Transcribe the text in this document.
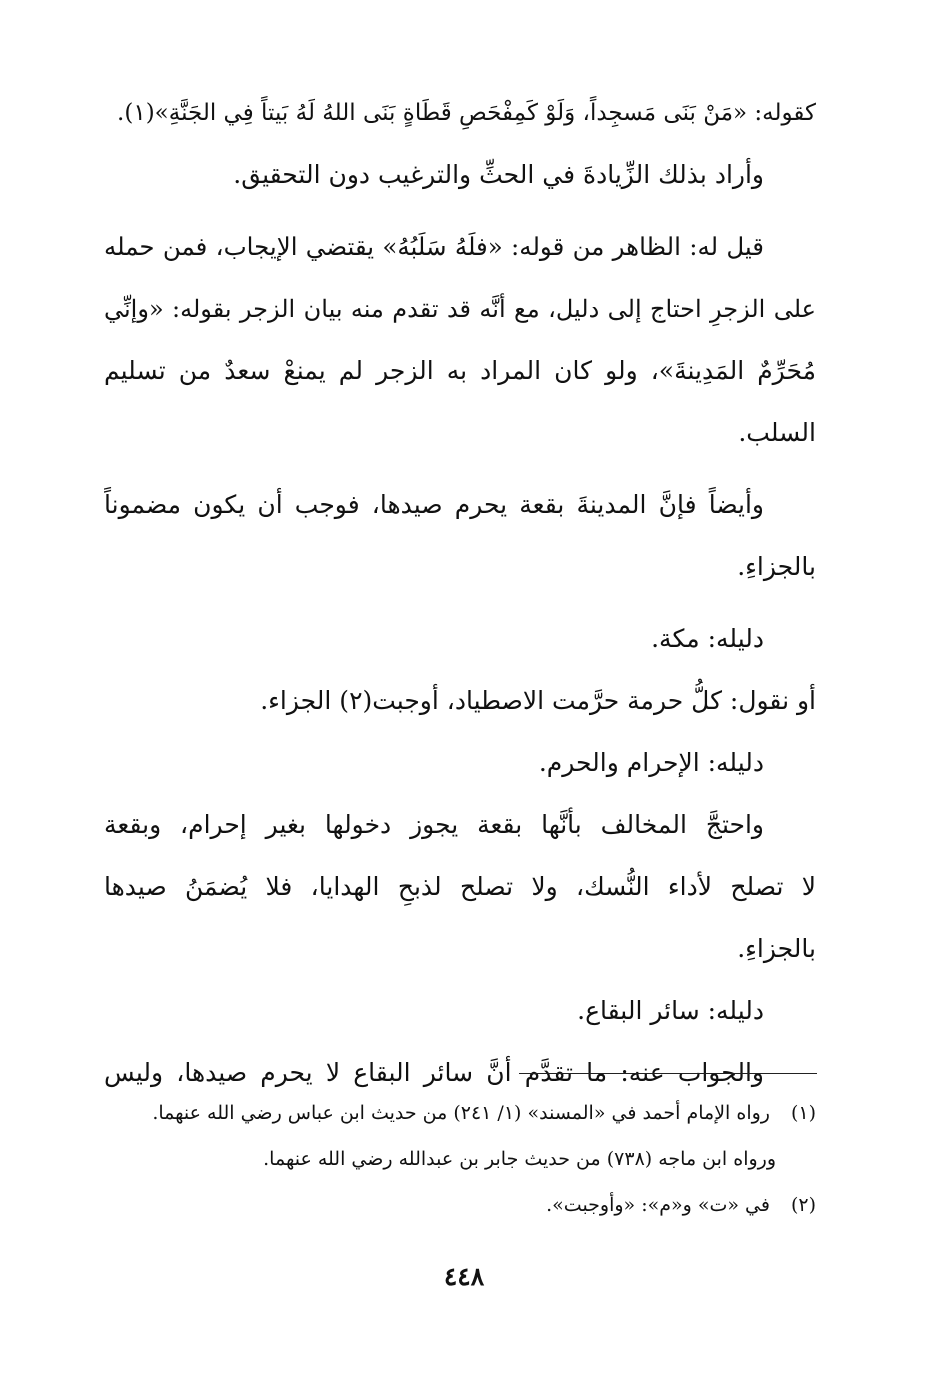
كقوله: «مَنْ بَنَى مَسجِداً، وَلَوْ كَمِفْحَصِ قَطَاةٍ بَنَى اللهُ لَهُ بَيتاً فِي الجَنَّةِ»(١).
وأراد بذلك الزِّيادةَ في الحثِّ والترغيب دون التحقيق.
قيل له: الظاهر من قوله: «فلَهُ سَلَبُهُ» يقتضي الإيجاب، فمن حمله
على الزجرِ احتاج إلى دليل، مع أنَّه قد تقدم منه بيان الزجر بقوله: «وإنِّي
مُحَرِّمٌ المَدِينةَ»، ولو كان المراد به الزجر لم يمنعْ سعدٌ من تسليم
السلب.
وأيضاً فإنَّ المدينةَ بقعة يحرم صيدها، فوجب أن يكون مضموناً
بالجزاءِ.
دليله: مكة.
أو نقول: كلُّ حرمة حرَّمت الاصطياد، أوجبت(٢) الجزاء.
دليله: الإحرام والحرم.
واحتجَّ المخالف بأنَّها بقعة يجوز دخولها بغير إحرام، وبقعة
لا تصلح لأداء النُّسك، ولا تصلح لذبحِ الهدايا، فلا يُضمَنُ صيدها
بالجزاءِ.
دليله: سائر البقاع.
والجواب عنه: ما تقدَّم أنَّ سائر البقاع لا يحرم صيدها، وليس
(١) رواه الإمام أحمد في «المسند» (١/ ٢٤١) من حديث ابن عباس رضي الله عنهما.
ورواه ابن ماجه (٧٣٨) من حديث جابر بن عبدالله رضي الله عنهما.
(٢) في «ت» و«م»: «وأوجبت».
٤٤٨
